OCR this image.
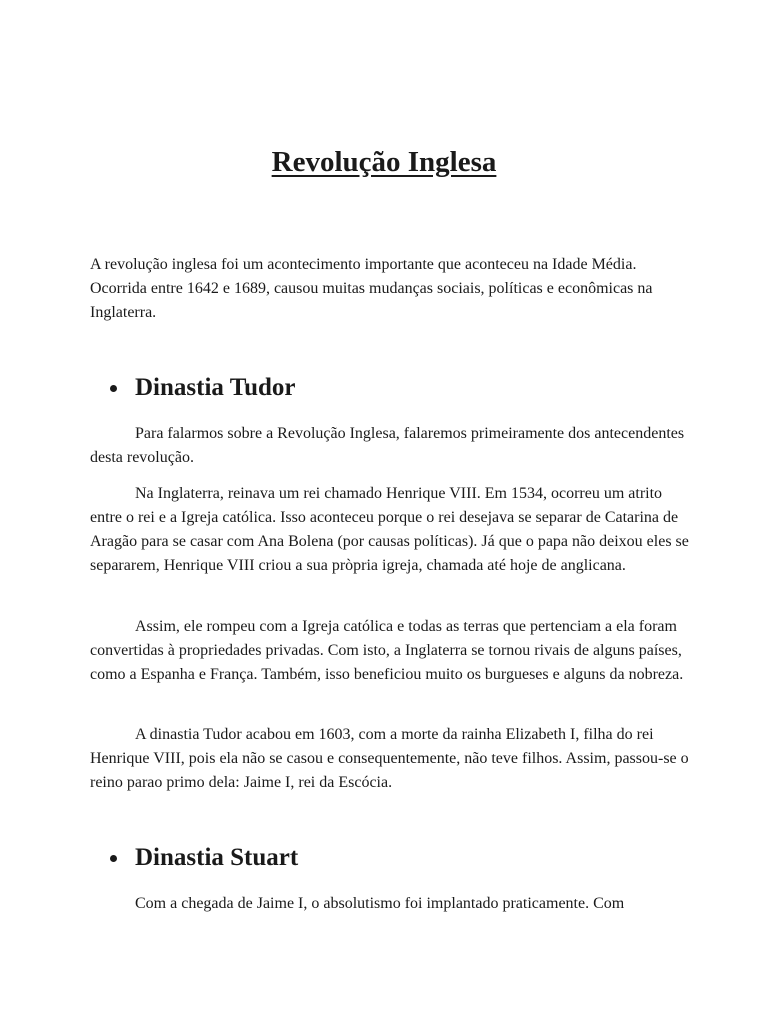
Revolução Inglesa

A revolução inglesa foi um acontecimento importante que aconteceu na Idade Média. Ocorrida entre 1642 e 1689, causou muitas mudanças sociais, políticas e econômicas na Inglaterra.

Dinastia Tudor

Para falarmos sobre a Revolução Inglesa, falaremos primeiramente dos antecendentes desta revolução.

Na Inglaterra, reinava um rei chamado Henrique VIII. Em 1534, ocorreu um atrito entre o rei e a Igreja católica. Isso aconteceu porque o rei desejava se separar de Catarina de Aragão para se casar com Ana Bolena (por causas políticas). Já que o papa não deixou eles se separarem, Henrique VIII criou a sua pròpria igreja, chamada até hoje de anglicana.

Assim, ele rompeu com a Igreja católica e todas as terras que pertenciam a ela foram convertidas à propriedades privadas. Com isto, a Inglaterra se tornou rivais de alguns países, como a Espanha e França. Também, isso beneficiou muito os burgueses e alguns da nobreza.

A dinastia Tudor acabou em 1603, com a morte da rainha Elizabeth I, filha do rei Henrique VIII, pois ela não se casou e consequentemente, não teve filhos. Assim, passou-se o reino parao primo dela: Jaime I, rei da Escócia.

Dinastia Stuart

Com a chegada de Jaime I, o absolutismo foi implantado praticamente. Com
